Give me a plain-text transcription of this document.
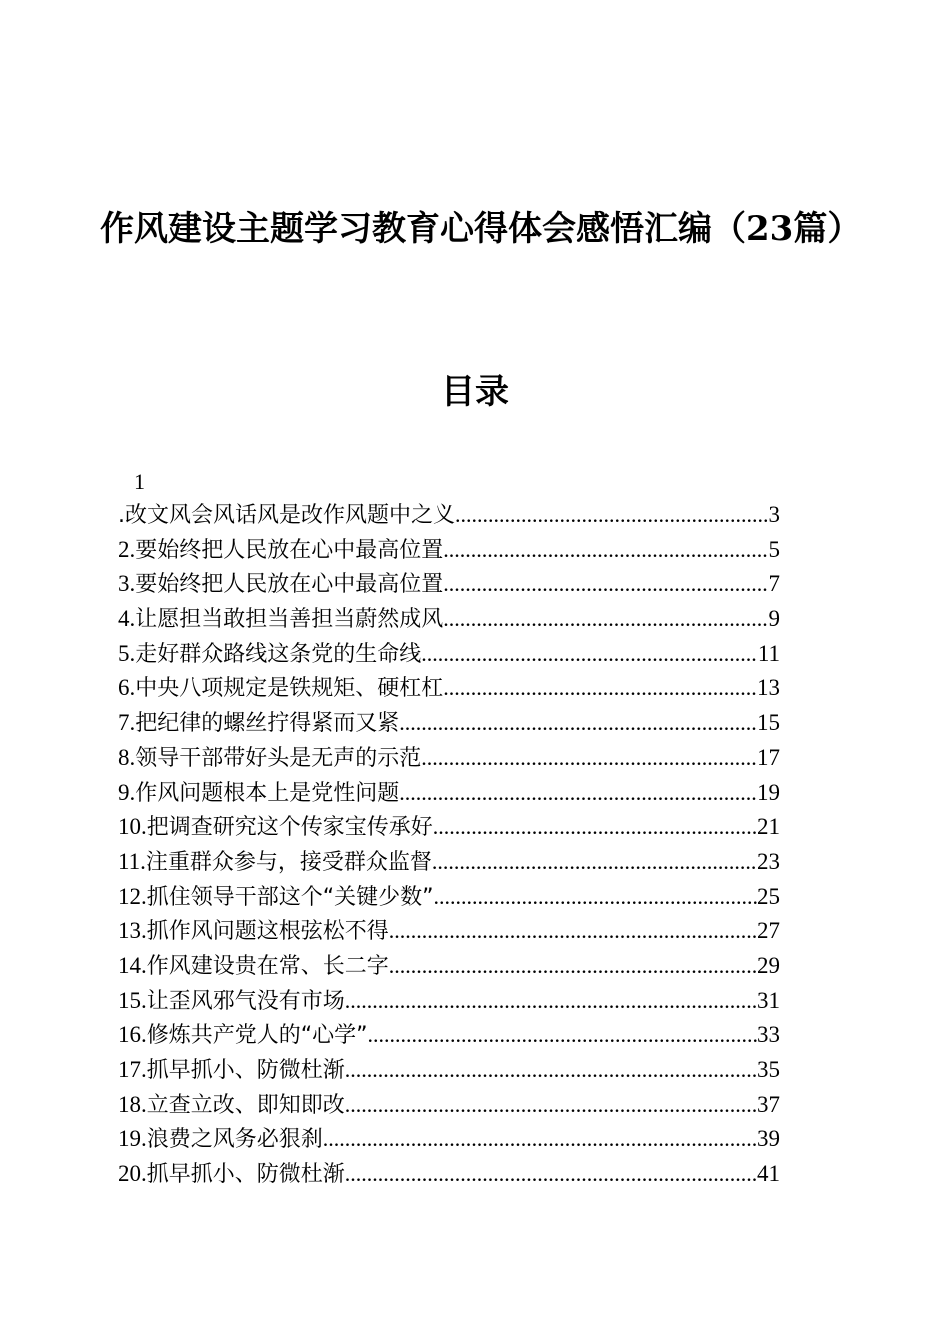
作风建设主题学习教育心得体会感悟汇编（23篇）
目录
1
.改文风会风话风是改作风题中之义 .....	3
2.要始终把人民放在心中最高位置 .....	5
3.要始终把人民放在心中最高位置 .....	7
4.让愿担当敢担当善担当蔚然成风 .....	9
5.走好群众路线这条党的生命线 .....	11
6.中央八项规定是铁规矩、硬杠杠 .....	13
7.把纪律的螺丝拧得紧而又紧 .....	15
8.领导干部带好头是无声的示范 .....	17
9.作风问题根本上是党性问题 .....	19
10.把调查研究这个传家宝传承好 .....	21
11.注重群众参与，接受群众监督 .....	23
12.抓住领导干部这个“关键少数” .....	25
13.抓作风问题这根弦松不得 .....	27
14.作风建设贵在常、长二字 .....	29
15.让歪风邪气没有市场 .....	31
16.修炼共产党人的“心学” .....	33
17.抓早抓小、防微杜渐 .....	35
18.立查立改、即知即改 .....	37
19.浪费之风务必狠刹 .....	39
20.抓早抓小、防微杜渐 .....	41
